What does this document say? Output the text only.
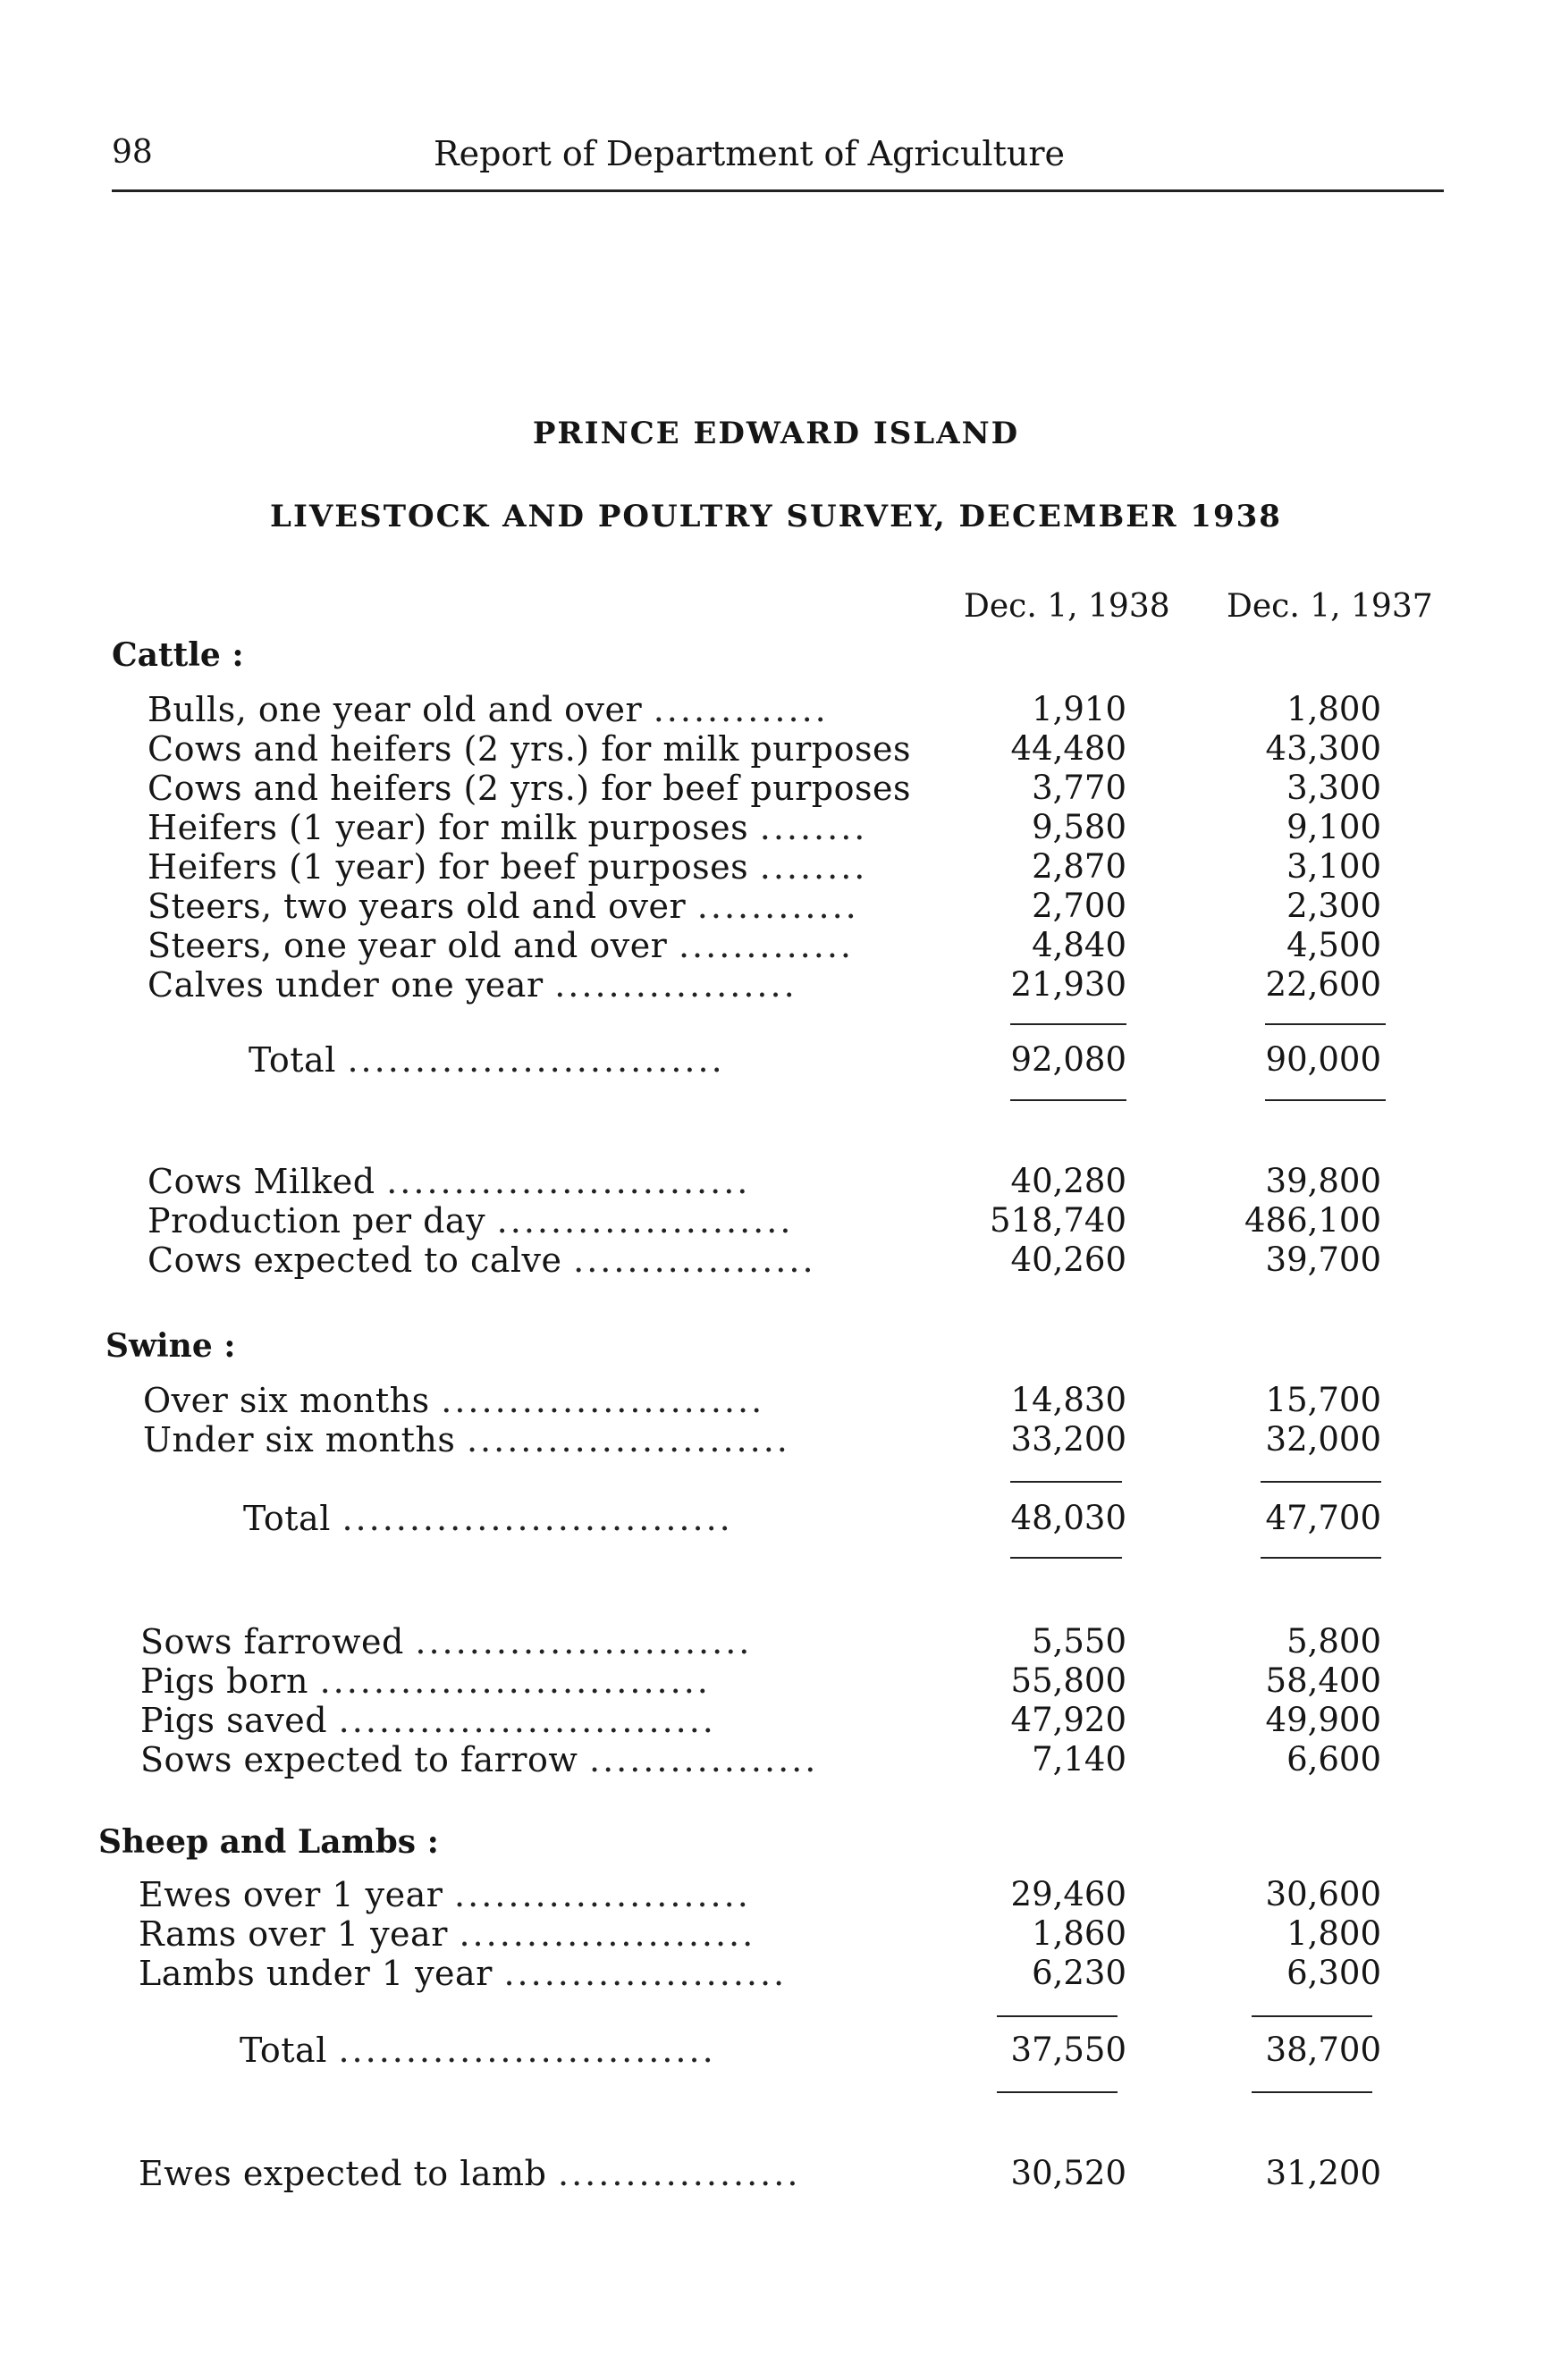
98	Report of Department of Agriculture
PRINCE EDWARD ISLAND
LIVESTOCK AND POULTRY SURVEY, DECEMBER 1938
Dec. 1, 1938 Dec. 1, 1937
Cattle :
Bulls, one year old and over .............	1,910	1,800
Cows and heifers (2 yrs.) for milk purposes	44,480	43,300
Cows and heifers (2 yrs.) for beef purposes	3,770	3,300
Heifers (1 year) for milk purposes ........	9,580	9,100
Heifers (1 year) for beef purposes ........	2,870	3,100
Steers, two years old and over ............	2,700	2,300
Steers, one year old and over .............	4,840	4,500
Calves under one year ..................	21,930	22,600
Total ............................	92,080	90,000
Cows Milked ...........................	40,280	39,800
Production per day ......................	518,740	486,100
Cows expected to calve ..................	40,260	39,700
Swine :
Over six months ........................	14,830	15,700
Under six months ........................	33,200	32,000
Total .............................	48,030	47,700
Sows farrowed .........................	5,550	5,800
Pigs born .............................	55,800	58,400
Pigs saved ............................	47,920	49,900
Sows expected to farrow .................	7,140	6,600
Sheep and Lambs :
Ewes over 1 year ......................	29,460	30,600
Rams over 1 year ......................	1,860	1,800
Lambs under 1 year .....................	6,230	6,300
Total ............................	37,550	38,700
Ewes expected to lamb ..................	30,520	31,200
